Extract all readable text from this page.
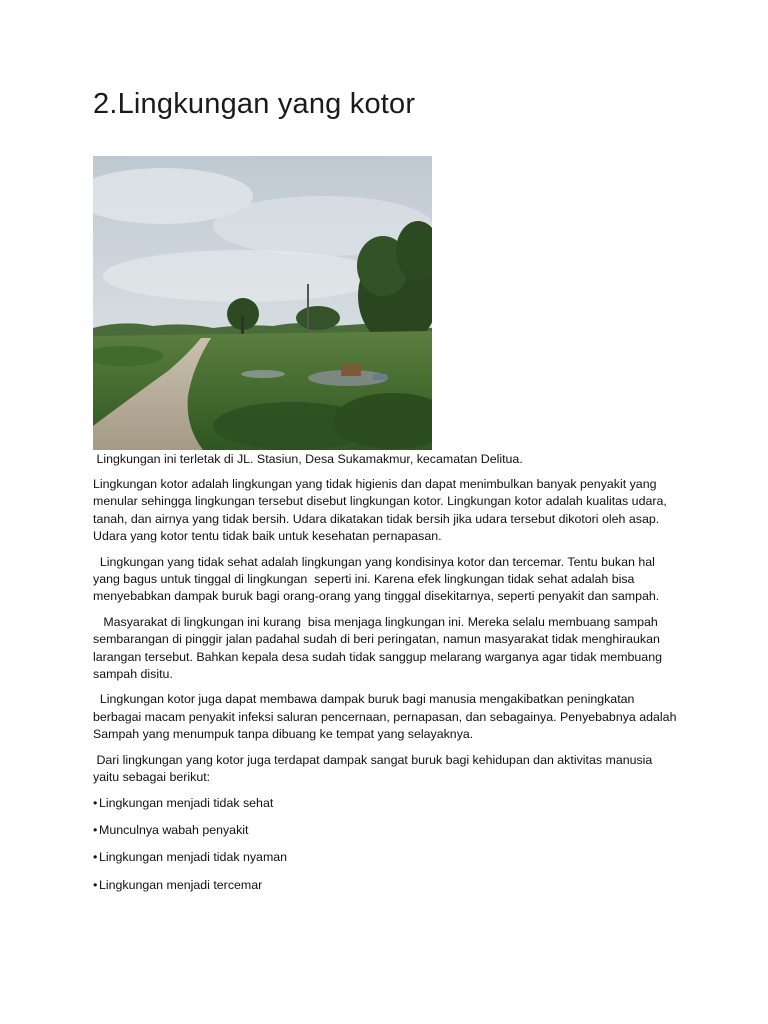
2.Lingkungan yang kotor
Lingkungan ini terletak di JL. Stasiun, Desa Sukamakmur, kecamatan Delitua.

Lingkungan kotor adalah lingkungan yang tidak higienis dan dapat menimbulkan banyak penyakit yang menular sehingga lingkungan tersebut disebut lingkungan kotor. Lingkungan kotor adalah kualitas udara, tanah, dan airnya yang tidak bersih. Udara dikatakan tidak bersih jika udara tersebut dikotori oleh asap. Udara yang kotor tentu tidak baik untuk kesehatan pernapasan.

Lingkungan yang tidak sehat adalah lingkungan yang kondisinya kotor dan tercemar. Tentu bukan hal yang bagus untuk tinggal di lingkungan  seperti ini. Karena efek lingkungan tidak sehat adalah bisa menyebabkan dampak buruk bagi orang-orang yang tinggal disekitarnya, seperti penyakit dan sampah.

Masyarakat di lingkungan ini kurang  bisa menjaga lingkungan ini. Mereka selalu membuang sampah sembarangan di pinggir jalan padahal sudah di beri peringatan, namun masyarakat tidak menghiraukan larangan tersebut. Bahkan kepala desa sudah tidak sanggup melarang warganya agar tidak membuang sampah disitu.

Lingkungan kotor juga dapat membawa dampak buruk bagi manusia mengakibatkan peningkatan berbagai macam penyakit infeksi saluran pencernaan, pernapasan, dan sebagainya. Penyebabnya adalah Sampah yang menumpuk tanpa dibuang ke tempat yang selayaknya.

Dari lingkungan yang kotor juga terdapat dampak sangat buruk bagi kehidupan dan aktivitas manusia yaitu sebagai berikut:

• Lingkungan menjadi tidak sehat
• Munculnya wabah penyakit
• Lingkungan menjadi tidak nyaman
• Lingkungan menjadi tercemar
